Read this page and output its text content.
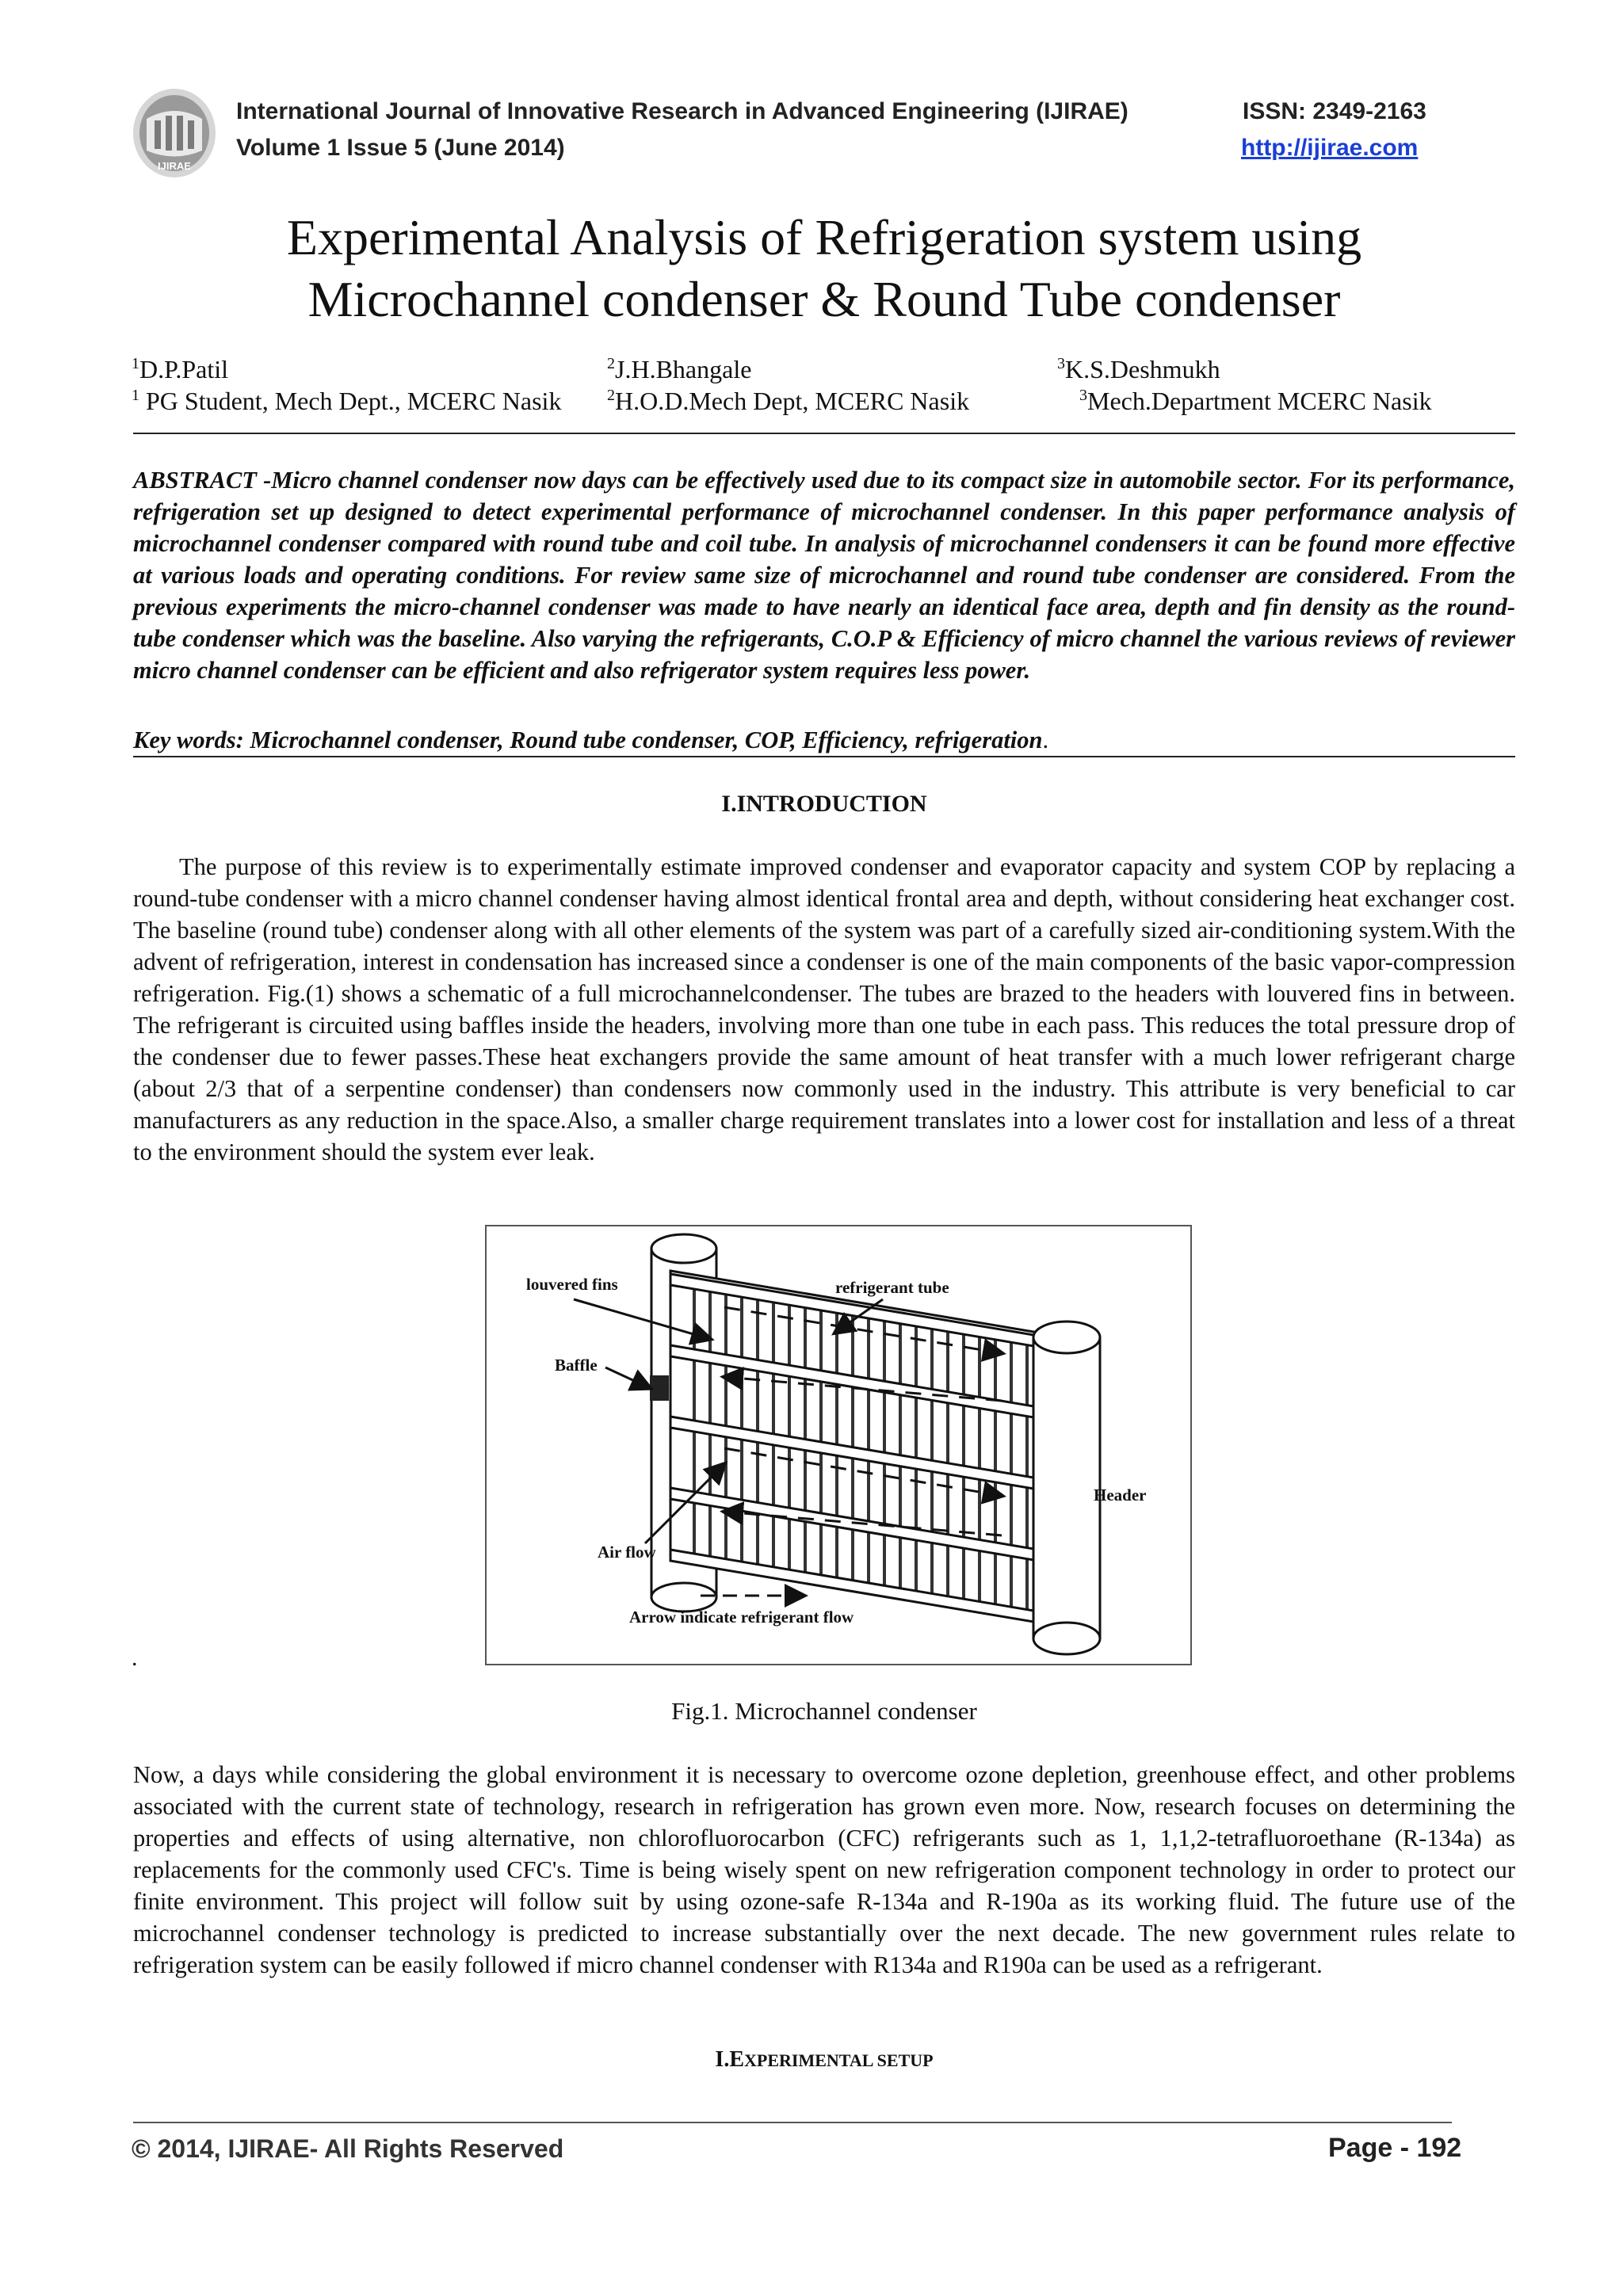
IJIRAE
International Journal of Innovative Research in Advanced Engineering (IJIRAE)	ISSN: 2349-2163
Volume 1 Issue 5 (June 2014)	http://ijirae.com
Experimental Analysis of Refrigeration system using
Microchannel condenser & Round Tube condenser
$^1$D.P.Patil	$^2$J.H.Bhangale	$^3$K.S.Deshmukh
$^1$ PG Student, Mech Dept., MCERC Nasik	$^2$H.O.D.Mech Dept, MCERC Nasik	$^3$Mech.Department MCERC Nasik
ABSTRACT -Micro channel condenser now days can be effectively used due to its compact size in automobile sector. For its performance, refrigeration set up designed to detect experimental performance of microchannel condenser. In this paper performance analysis of microchannel condenser compared with round tube and coil tube. In analysis of microchannel condensers it can be found more effective at various loads and operating conditions. For review same size of microchannel and round tube condenser are considered. From the previous experiments the micro-channel condenser was made to have nearly an identical face area, depth and fin density as the round-tube condenser which was the baseline. Also varying the refrigerants, C.O.P & Efficiency of micro channel the various reviews of reviewer micro channel condenser can be efficient and also refrigerator system requires less power.
Key words: Microchannel condenser, Round tube condenser, COP, Efficiency, refrigeration.
I.INTRODUCTION
The purpose of this review is to experimentally estimate improved condenser and evaporator capacity and system COP by replacing a round-tube condenser with a micro channel condenser having almost identical frontal area and depth, without considering heat exchanger cost. The baseline (round tube) condenser along with all other elements of the system was part of a carefully sized air-conditioning system.With the advent of refrigeration, interest in condensation has increased since a condenser is one of the main components of the basic vapor-compression refrigeration. Fig.(1) shows a schematic of a full microchannelcondenser. The tubes are brazed to the headers with louvered fins in between. The refrigerant is circuited using baffles inside the headers, involving more than one tube in each pass. This reduces the total pressure drop of the condenser due to fewer passes.These heat exchangers provide the same amount of heat transfer with a much lower refrigerant charge (about 2/3 that of a serpentine condenser) than condensers now commonly used in the industry. This attribute is very beneficial to car manufacturers as any reduction in the space.Also, a smaller charge requirement translates into a lower cost for installation and less of a threat to the environment should the system ever leak.
louvered fins	refrigerant tube
Baffle
Header
Air flow
Arrow indicate refrigerant flow
.
Fig.1. Microchannel condenser
Now, a days while considering the global environment it is necessary to overcome ozone depletion, greenhouse effect, and other problems associated with the current state of technology, research in refrigeration has grown even more. Now, research focuses on determining the properties and effects of using alternative, non chlorofluorocarbon (CFC) refrigerants such as 1, 1,1,2-tetrafluoroethane (R-134a) as replacements for the commonly used CFC's. Time is being wisely spent on new refrigeration component technology in order to protect our finite environment. This project will follow suit by using ozone-safe R-134a and R-190a as its working fluid. The future use of the microchannel condenser technology is predicted to increase substantially over the next decade. The new government rules relate to refrigeration system can be easily followed if micro channel condenser with R134a and R190a can be used as a refrigerant.
I.EXPERIMENTAL SETUP
© 2014, IJIRAE- All Rights Reserved	Page - 192
